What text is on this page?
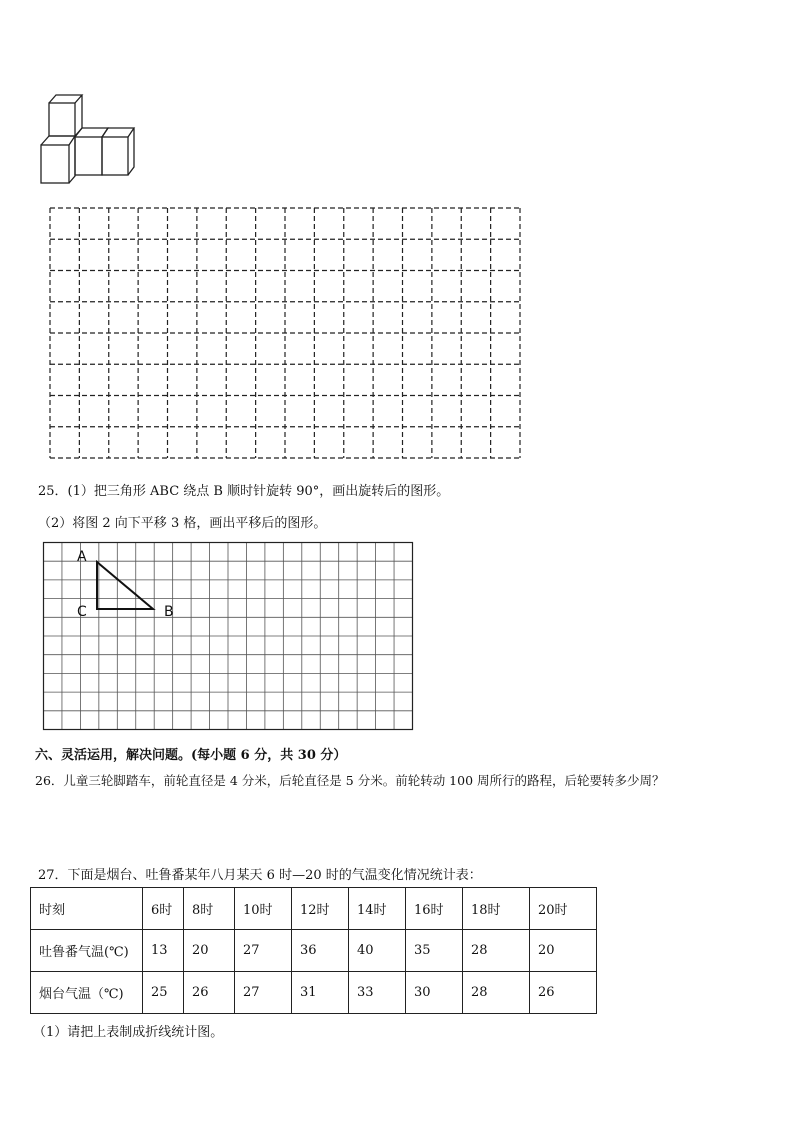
25．(1）把三角形 ABC 绕点 B 顺时针旋转 90°，画出旋转后的图形。
（2）将图 2 向下平移 3 格，画出平移后的图形。
A
C	B
六、灵活运用，解决问题。(每小题 6 分，共 30 分）
26．儿童三轮脚踏车，前轮直径是 4 分米，后轮直径是 5 分米。前轮转动 100 周所行的路程，后轮要转多少周？
27．下面是烟台、吐鲁番某年八月某天 6 时—20 时的气温变化情况统计表：
时刻	6时	8时	10时	12时	14时	16时	18时	20时
吐鲁番气温(℃)	13	20	27	36	40	35	28	20
烟台气温（℃)	25	26	27	31	33	30	28	26
（1）请把上表制成折线统计图。
